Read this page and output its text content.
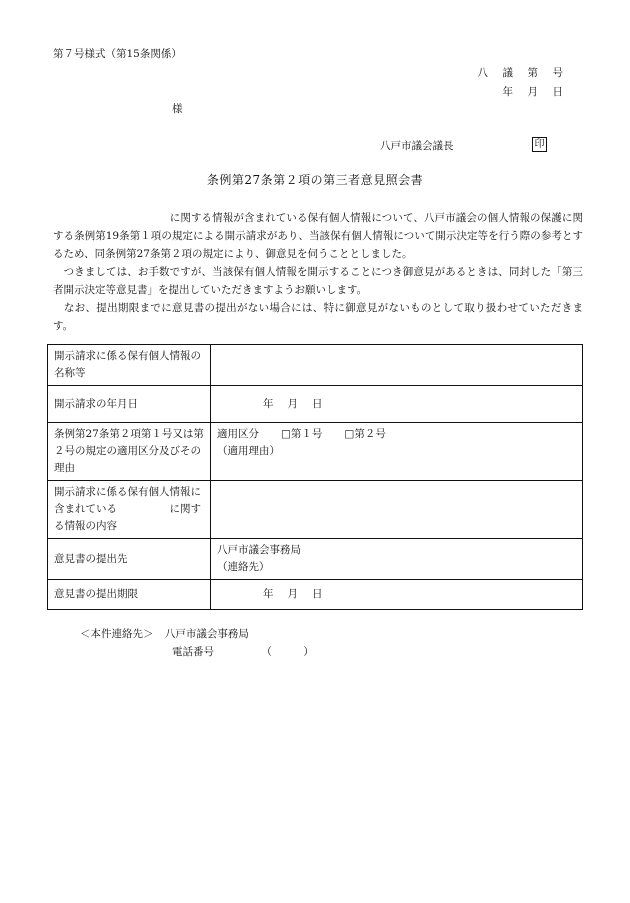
第７号様式（第15条関係）
八　議　第　号
年　月　日
様
八戸市議会議長	印
条例第27条第２項の第三者意見照会書

　　　　　　　　　　　に関する情報が含まれている保有個人情報について、八戸市議会の個人情報の保護に関する条例第19条第１項の規定による開示請求があり、当該保有個人情報について開示決定等を行う際の参考とするため、同条例第27条第２項の規定により、御意見を伺うこととしました。

　つきましては、お手数ですが、当該保有個人情報を開示することにつき御意見があるときは、同封した「第三者開示決定等意見書」を提出していただきますようお願いします。

　なお、提出期限までに意見書の提出がない場合には、特に御意見がないものとして取り扱わせていただきます。

開示請求に係る保有個人情報の名称等	
開示請求の年月日	年 月 日
条例第27条第２項第１号又は第２号の規定の適用区分及びその理由	適用区分 □第１号 □第２号
（適用理由）

開示請求に係る保有個人情報に含まれている　　　　　に関する情報の内容	
意見書の提出先	八戸市議会事務局
（連絡先）

意見書の提出期限	年 月 日
＜本件連絡先＞ 八戸市議会事務局
電話番号	（　　　）
